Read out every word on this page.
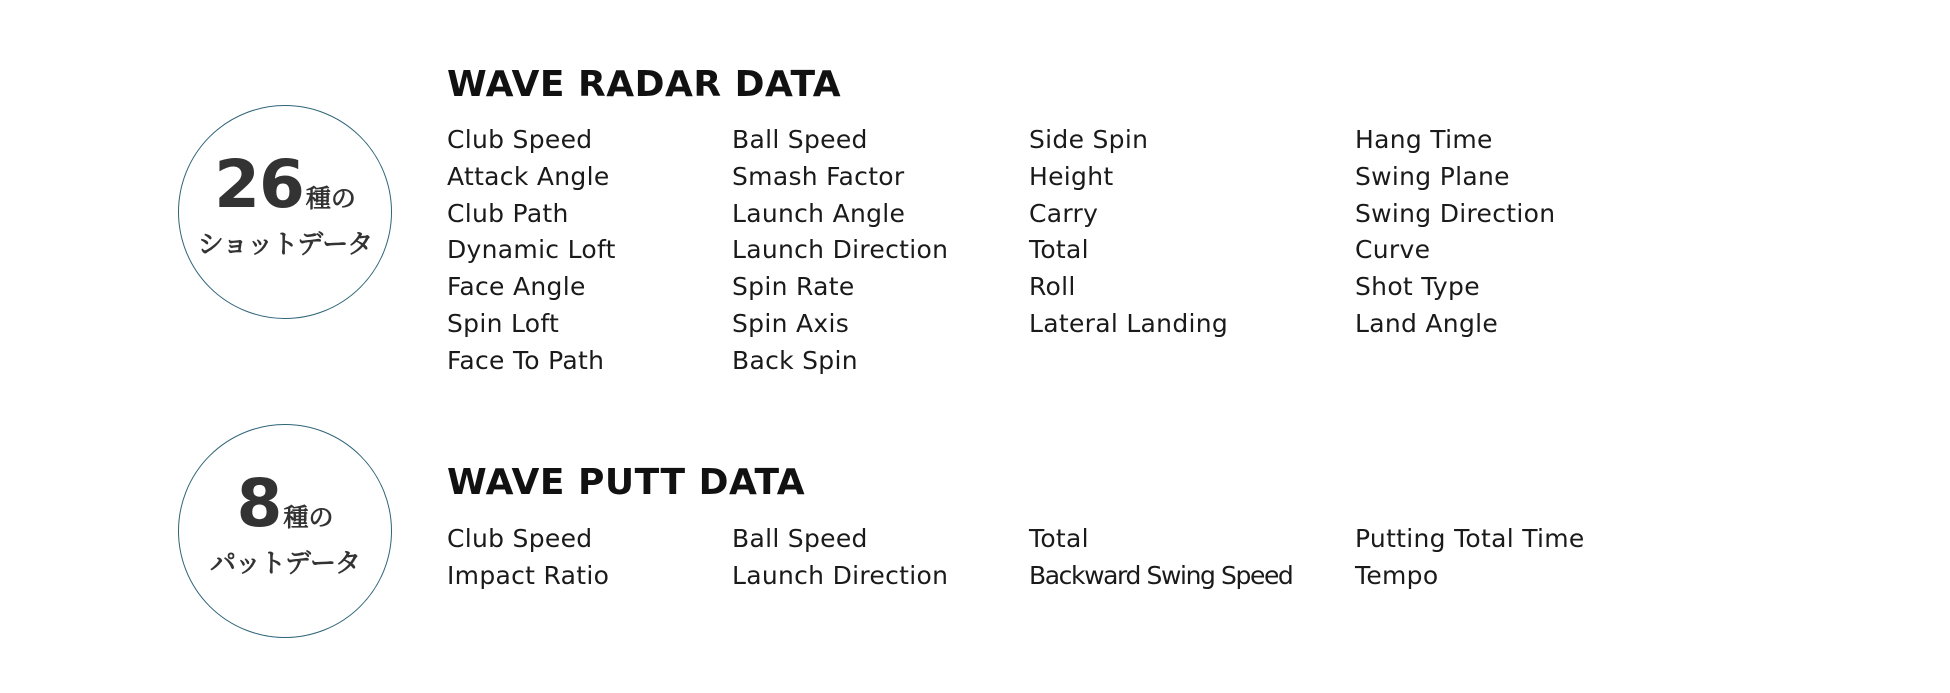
26種の
ショットデータ
WAVE RADAR DATA
Club Speed
Attack Angle
Club Path
Dynamic Loft
Face Angle
Spin Loft
Face To Path
Ball Speed
Smash Factor
Launch Angle
Launch Direction
Spin Rate
Spin Axis
Back Spin
Side Spin
Height
Carry
Total
Roll
Lateral Landing
Hang Time
Swing Plane
Swing Direction
Curve
Shot Type
Land Angle
8種の
パットデータ
WAVE PUTT DATA
Club Speed
Impact Ratio
Ball Speed
Launch Direction
Total
Backward Swing Speed
Putting Total Time
Tempo
